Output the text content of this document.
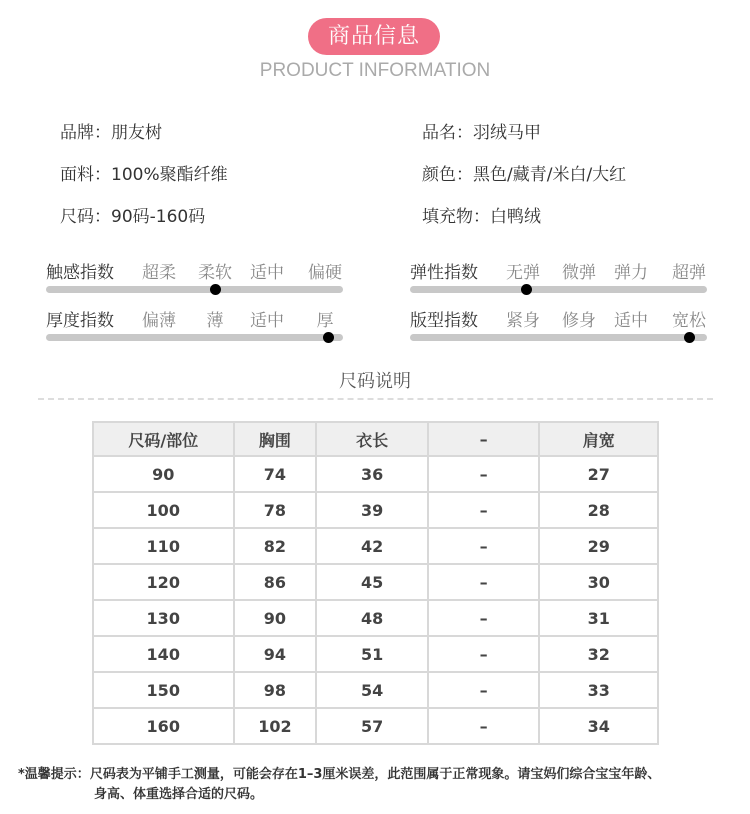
商品信息
PRODUCT INFORMATION
品牌：朋友树
面料：100%聚酯纤维
尺码：90码-160码
品名：羽绒马甲
颜色：黑色/藏青/米白/大红
填充物：白鸭绒
触感指数	超柔	柔软	适中	偏硬	弹性指数	无弹	微弹	弹力	超弹
厚度指数	偏薄	薄	适中	厚	版型指数	紧身	修身	适中	宽松
尺码说明
尺码/部位	胸围	衣长	–	肩宽
90	74	36	–	27
100	78	39	–	28
110	82	42	–	29
120	86	45	–	30
130	90	48	–	31
140	94	51	–	32
150	98	54	–	33
160	102	57	–	34
*温馨提示：尺码表为平铺手工测量，可能会存在1–3厘米误差，此范围属于正常现象。请宝妈们综合宝宝年龄、
身高、体重选择合适的尺码。
